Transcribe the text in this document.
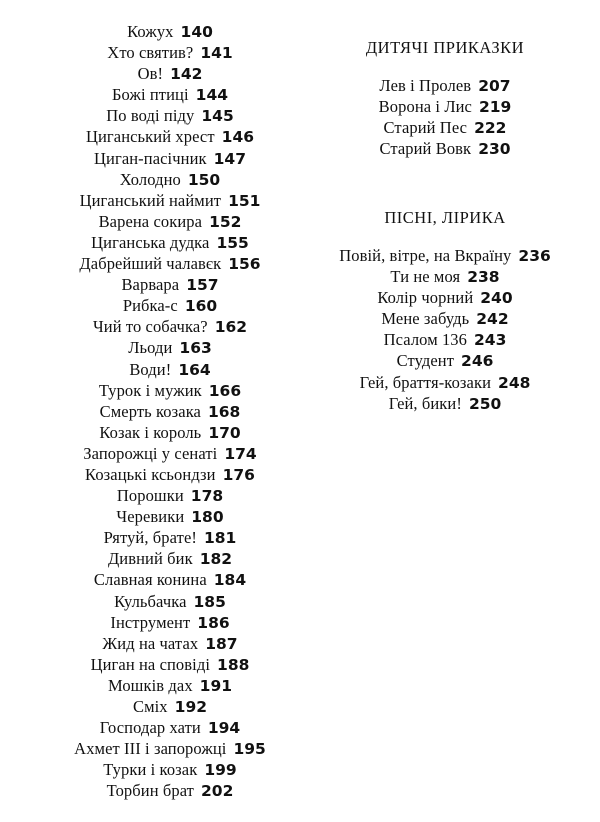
Кожух 140
Хто святив? 141
Ов! 142
Божі птиці 144
По воді піду 145
Циганський хрест 146
Циган-пасічник 147
Холодно 150
Циганський наймит 151
Варена сокира 152
Циганська дудка 155
Дабрейший чалавєк 156
Варвара 157
Рибка-с 160
Чий то собачка? 162
Льоди 163
Води! 164
Турок і мужик 166
Смерть козака 168
Козак і король 170
Запорожці у сенаті 174
Козацькі ксьондзи 176
Порошки 178
Черевики 180
Рятуй, брате! 181
Дивний бик 182
Славная конина 184
Кульбачка 185
Інструмент 186
Жид на чатах 187
Циган на сповіді 188
Мошків дах 191
Сміх 192
Господар хати 194
Ахмет ІІІ і запорожці 195
Турки і козак 199
Торбин брат 202
ДИТЯЧІ ПРИКАЗКИ
Лев і Пролев 207
Ворона і Лис 219
Старий Пес 222
Старий Вовк 230
ПІСНІ, ЛІРИКА
Повій, вітре, на Вкраїну 236
Ти не моя 238
Колір чорний 240
Мене забудь 242
Псалом 136 243
Студент 246
Гей, браття-козаки 248
Гей, бики! 250
